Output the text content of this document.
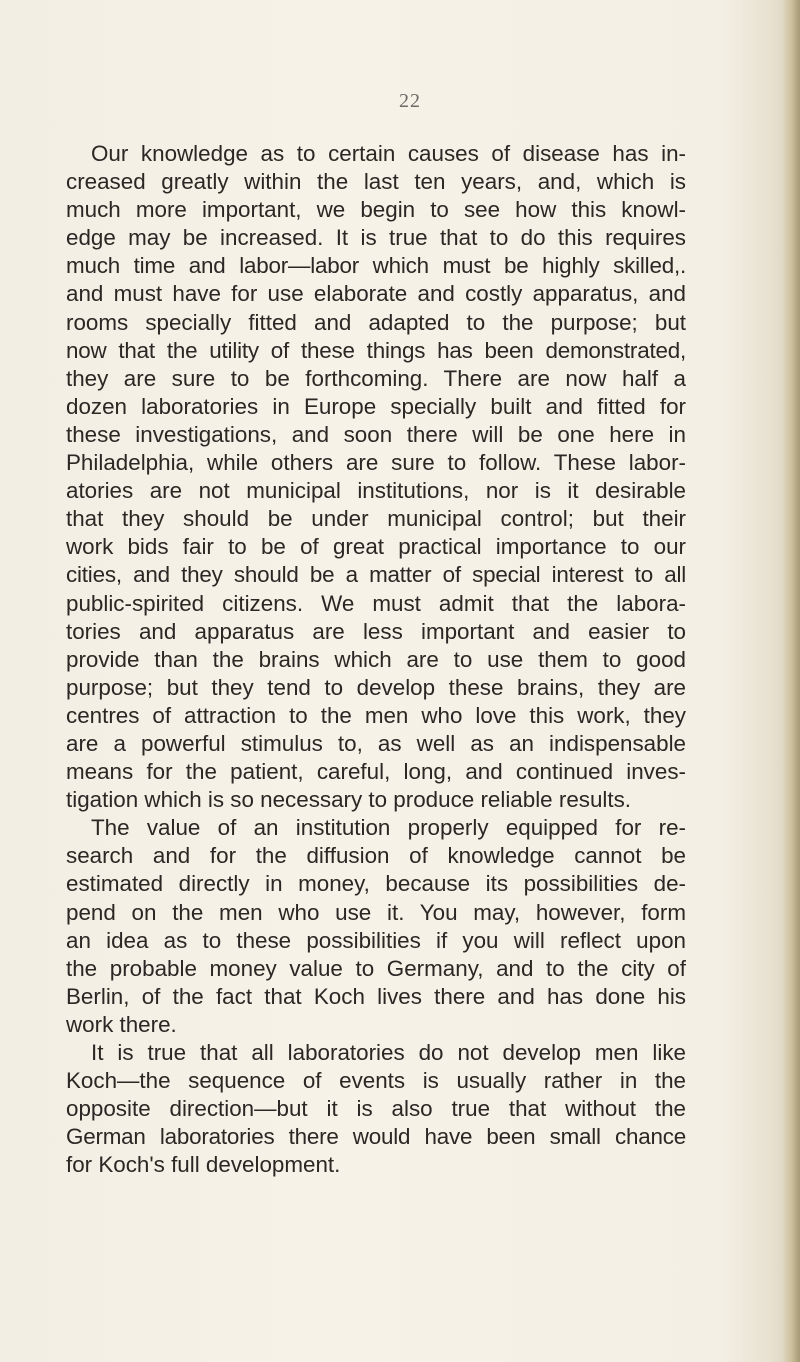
22
Our knowledge as to certain causes of disease has in-
creased greatly within the last ten years, and, which is
much more important, we begin to see how this knowl-
edge may be increased. It is true that to do this requires
much time and labor—labor which must be highly skilled,.
and must have for use elaborate and costly apparatus, and
rooms specially fitted and adapted to the purpose; but
now that the utility of these things has been demonstrated,
they are sure to be forthcoming. There are now half a
dozen laboratories in Europe specially built and fitted for
these investigations, and soon there will be one here in
Philadelphia, while others are sure to follow. These labor-
atories are not municipal institutions, nor is it desirable
that they should be under municipal control; but their
work bids fair to be of great practical importance to our
cities, and they should be a matter of special interest to all
public-spirited citizens. We must admit that the labora-
tories and apparatus are less important and easier to
provide than the brains which are to use them to good
purpose; but they tend to develop these brains, they are
centres of attraction to the men who love this work, they
are a powerful stimulus to, as well as an indispensable
means for the patient, careful, long, and continued inves-
tigation which is so necessary to produce reliable results.
The value of an institution properly equipped for re-
search and for the diffusion of knowledge cannot be
estimated directly in money, because its possibilities de-
pend on the men who use it. You may, however, form
an idea as to these possibilities if you will reflect upon
the probable money value to Germany, and to the city of
Berlin, of the fact that Koch lives there and has done his
work there.
It is true that all laboratories do not develop men like
Koch—the sequence of events is usually rather in the
opposite direction—but it is also true that without the
German laboratories there would have been small chance
for Koch's full development.
